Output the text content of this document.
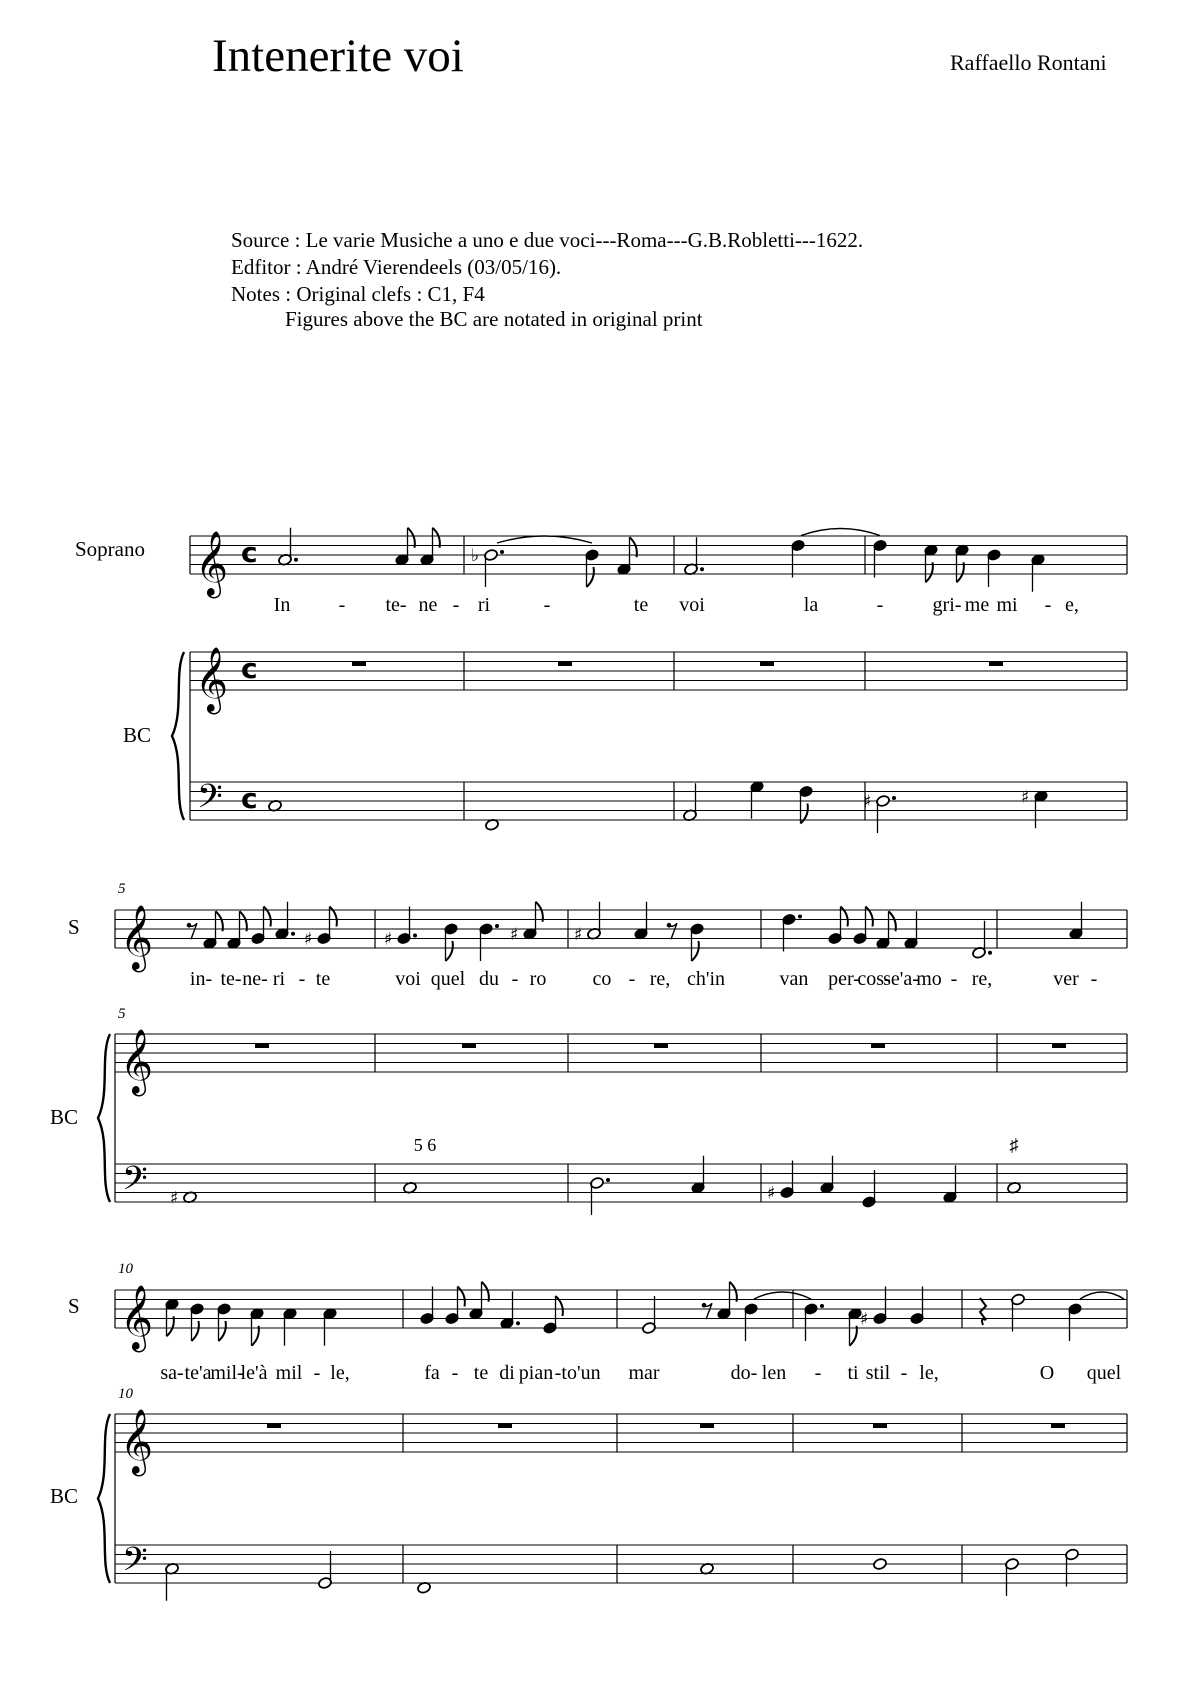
Intenerite voi	Raffaello Rontani
Source : Le varie Musiche a uno e due voci---Roma---G.B.Robletti---1622.
Edfitor : André Vierendeels (03/05/16).
Notes : Original clefs : C1, F4
Figures above the BC are notated in original print
Soprano
BC
S
BC
S
BC
5
5
10
10
5 6	♯
In - te- ne - ri	-	te voi	la	- gri- me mi - e,
in- te- ne- ri - te	voi quel du - ro co - re, ch'in	van per-
cos-
se'a-
mo - re,	ver -
sa- te'a
mil-
le'à mil - le,	fa - te di pian - to'un mar	do- len - ti stil - le,	O quel
𝄞 c
𝄞 c
𝄢 c
♭
♯	♯
𝄞
𝄞
𝄢
♯	♯	♯	♯
♯	♯
𝄞
𝄞
𝄢
♯
